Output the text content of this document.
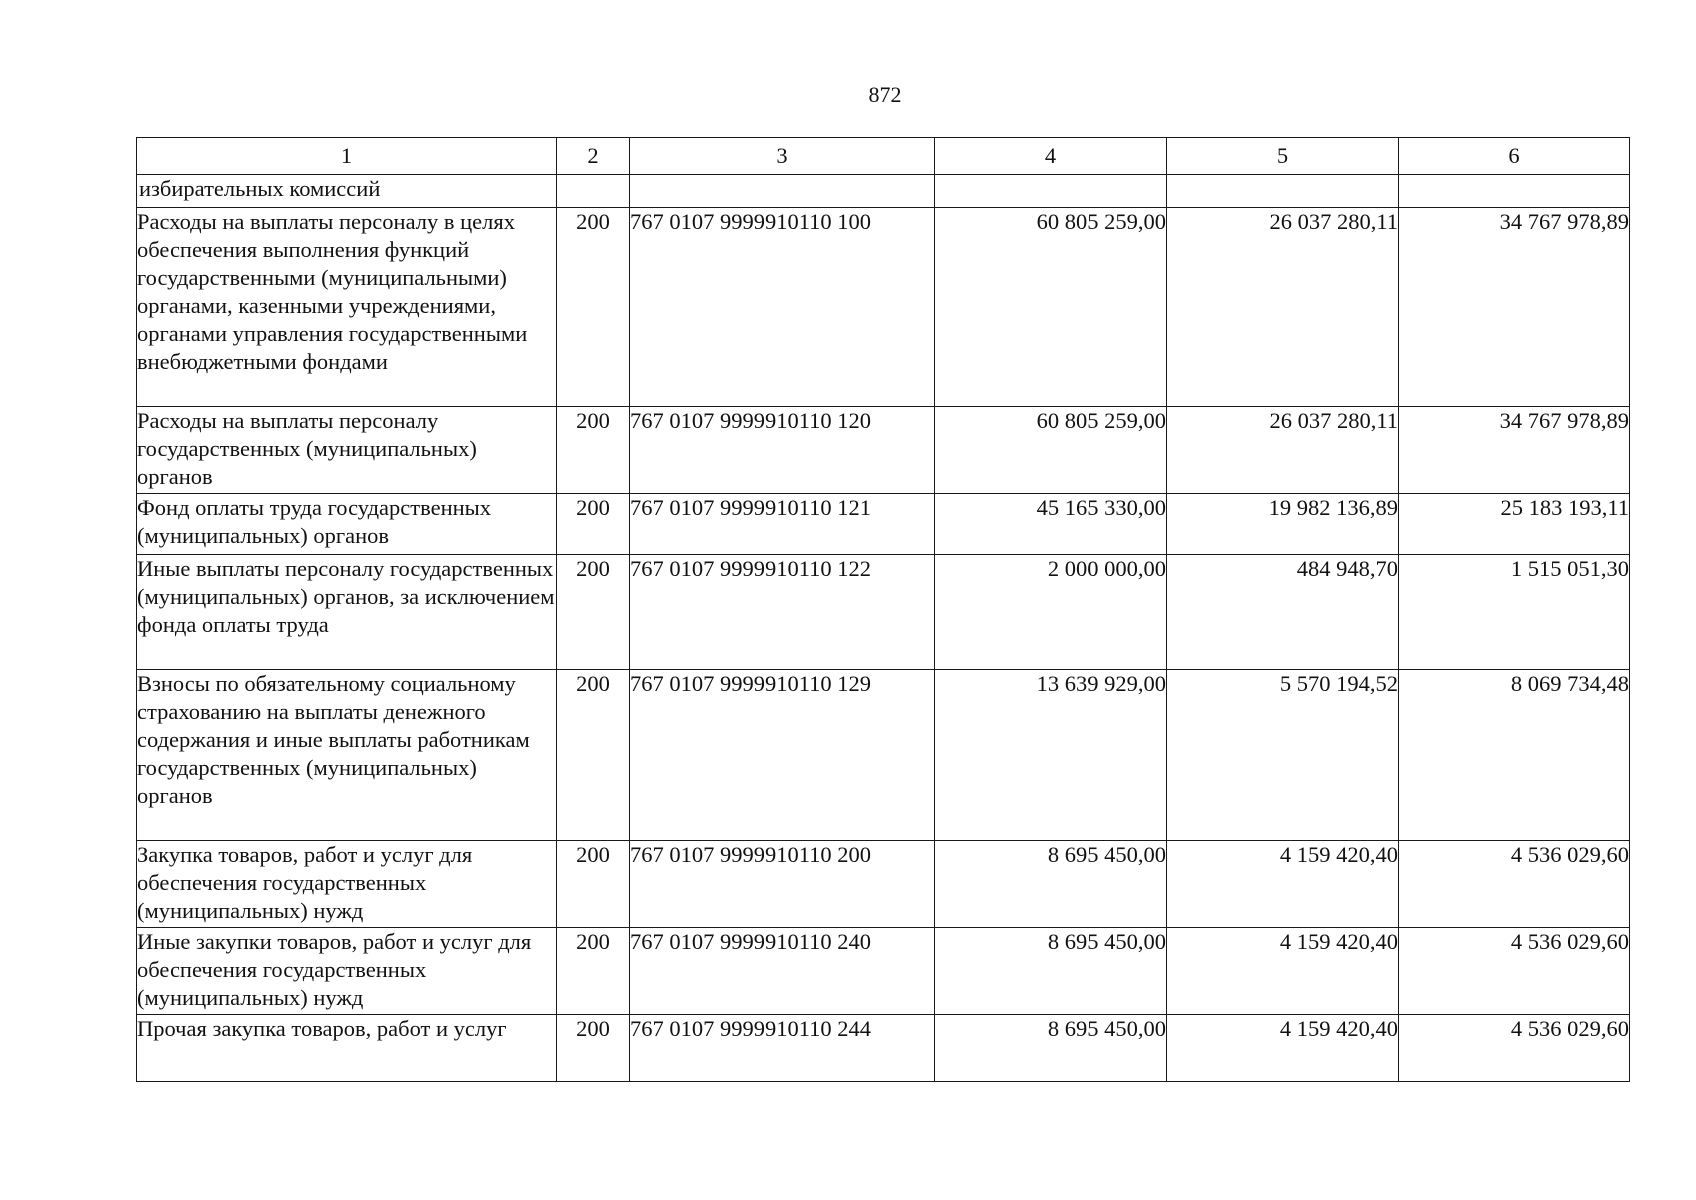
872
1	2	3	4	5	6
избирательных комиссий					
Расходы на выплаты персоналу в целях обеспечения выполнения функций государственными (муниципальными) органами, казенными учреждениями, органами управления государственными внебюджетными фондами	200	767 0107 9999910110 100	60 805 259,00	26 037 280,11	34 767 978,89
Расходы на выплаты персоналу государственных (муниципальных) органов	200	767 0107 9999910110 120	60 805 259,00	26 037 280,11	34 767 978,89
Фонд оплаты труда государственных (муниципальных) органов	200	767 0107 9999910110 121	45 165 330,00	19 982 136,89	25 183 193,11
Иные выплаты персоналу государственных (муниципальных) органов, за исключением фонда оплаты труда	200	767 0107 9999910110 122	2 000 000,00	484 948,70	1 515 051,30
Взносы по обязательному социальному страхованию на выплаты денежного содержания и иные выплаты работникам государственных (муниципальных) органов	200	767 0107 9999910110 129	13 639 929,00	5 570 194,52	8 069 734,48
Закупка товаров, работ и услуг для обеспечения государственных (муниципальных) нужд	200	767 0107 9999910110 200	8 695 450,00	4 159 420,40	4 536 029,60
Иные закупки товаров, работ и услуг для обеспечения государственных (муниципальных) нужд	200	767 0107 9999910110 240	8 695 450,00	4 159 420,40	4 536 029,60
Прочая закупка товаров, работ и услуг	200	767 0107 9999910110 244	8 695 450,00	4 159 420,40	4 536 029,60
